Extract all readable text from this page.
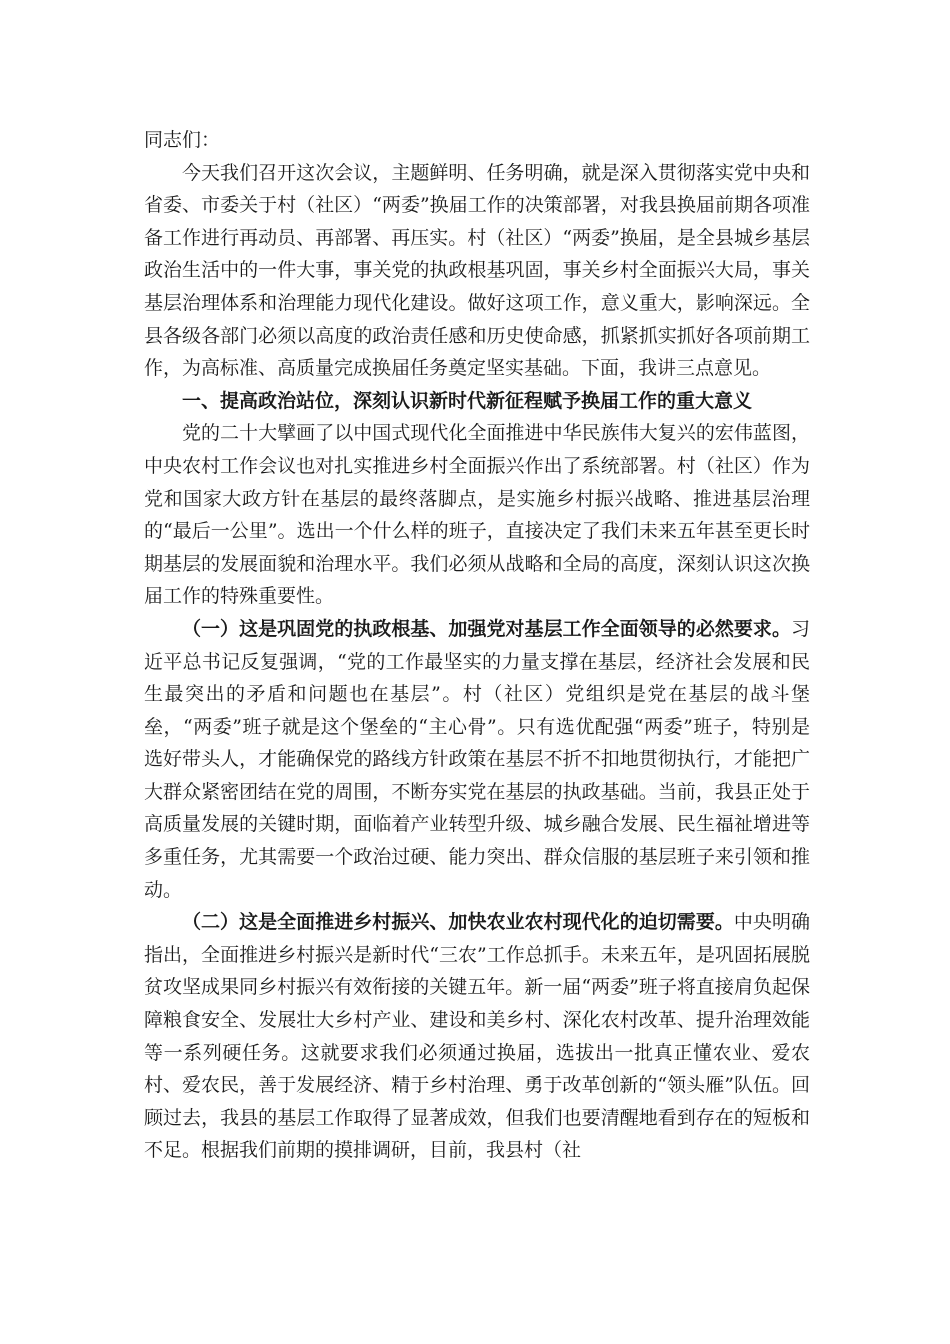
同志们：

今天我们召开这次会议，主题鲜明、任务明确，就是深入贯彻落实党中央和省委、市委关于村（社区）“两委”换届工作的决策部署，对我县换届前期各项准备工作进行再动员、再部署、再压实。村（社区）“两委”换届，是全县城乡基层政治生活中的一件大事，事关党的执政根基巩固，事关乡村全面振兴大局，事关基层治理体系和治理能力现代化建设。做好这项工作，意义重大，影响深远。全县各级各部门必须以高度的政治责任感和历史使命感，抓紧抓实抓好各项前期工作，为高标准、高质量完成换届任务奠定坚实基础。下面，我讲三点意见。

一、提高政治站位，深刻认识新时代新征程赋予换届工作的重大意义

党的二十大擘画了以中国式现代化全面推进中华民族伟大复兴的宏伟蓝图，中央农村工作会议也对扎实推进乡村全面振兴作出了系统部署。村（社区）作为党和国家大政方针在基层的最终落脚点，是实施乡村振兴战略、推进基层治理的“最后一公里”。选出一个什么样的班子，直接决定了我们未来五年甚至更长时期基层的发展面貌和治理水平。我们必须从战略和全局的高度，深刻认识这次换届工作的特殊重要性。

（一）这是巩固党的执政根基、加强党对基层工作全面领导的必然要求。习近平总书记反复强调，“党的工作最坚实的力量支撑在基层，经济社会发展和民生最突出的矛盾和问题也在基层”。村（社区）党组织是党在基层的战斗堡垒，“两委”班子就是这个堡垒的“主心骨”。只有选优配强“两委”班子，特别是选好带头人，才能确保党的路线方针政策在基层不折不扣地贯彻执行，才能把广大群众紧密团结在党的周围，不断夯实党在基层的执政基础。当前，我县正处于高质量发展的关键时期，面临着产业转型升级、城乡融合发展、民生福祉增进等多重任务，尤其需要一个政治过硬、能力突出、群众信服的基层班子来引领和推动。

（二）这是全面推进乡村振兴、加快农业农村现代化的迫切需要。中央明确指出，全面推进乡村振兴是新时代“三农”工作总抓手。未来五年，是巩固拓展脱贫攻坚成果同乡村振兴有效衔接的关键五年。新一届“两委”班子将直接肩负起保障粮食安全、发展壮大乡村产业、建设和美乡村、深化农村改革、提升治理效能等一系列硬任务。这就要求我们必须通过换届，选拔出一批真正懂农业、爱农村、爱农民，善于发展经济、精于乡村治理、勇于改革创新的“领头雁”队伍。回顾过去，我县的基层工作取得了显著成效，但我们也要清醒地看到存在的短板和不足。根据我们前期的摸排调研，目前，我县村（社
